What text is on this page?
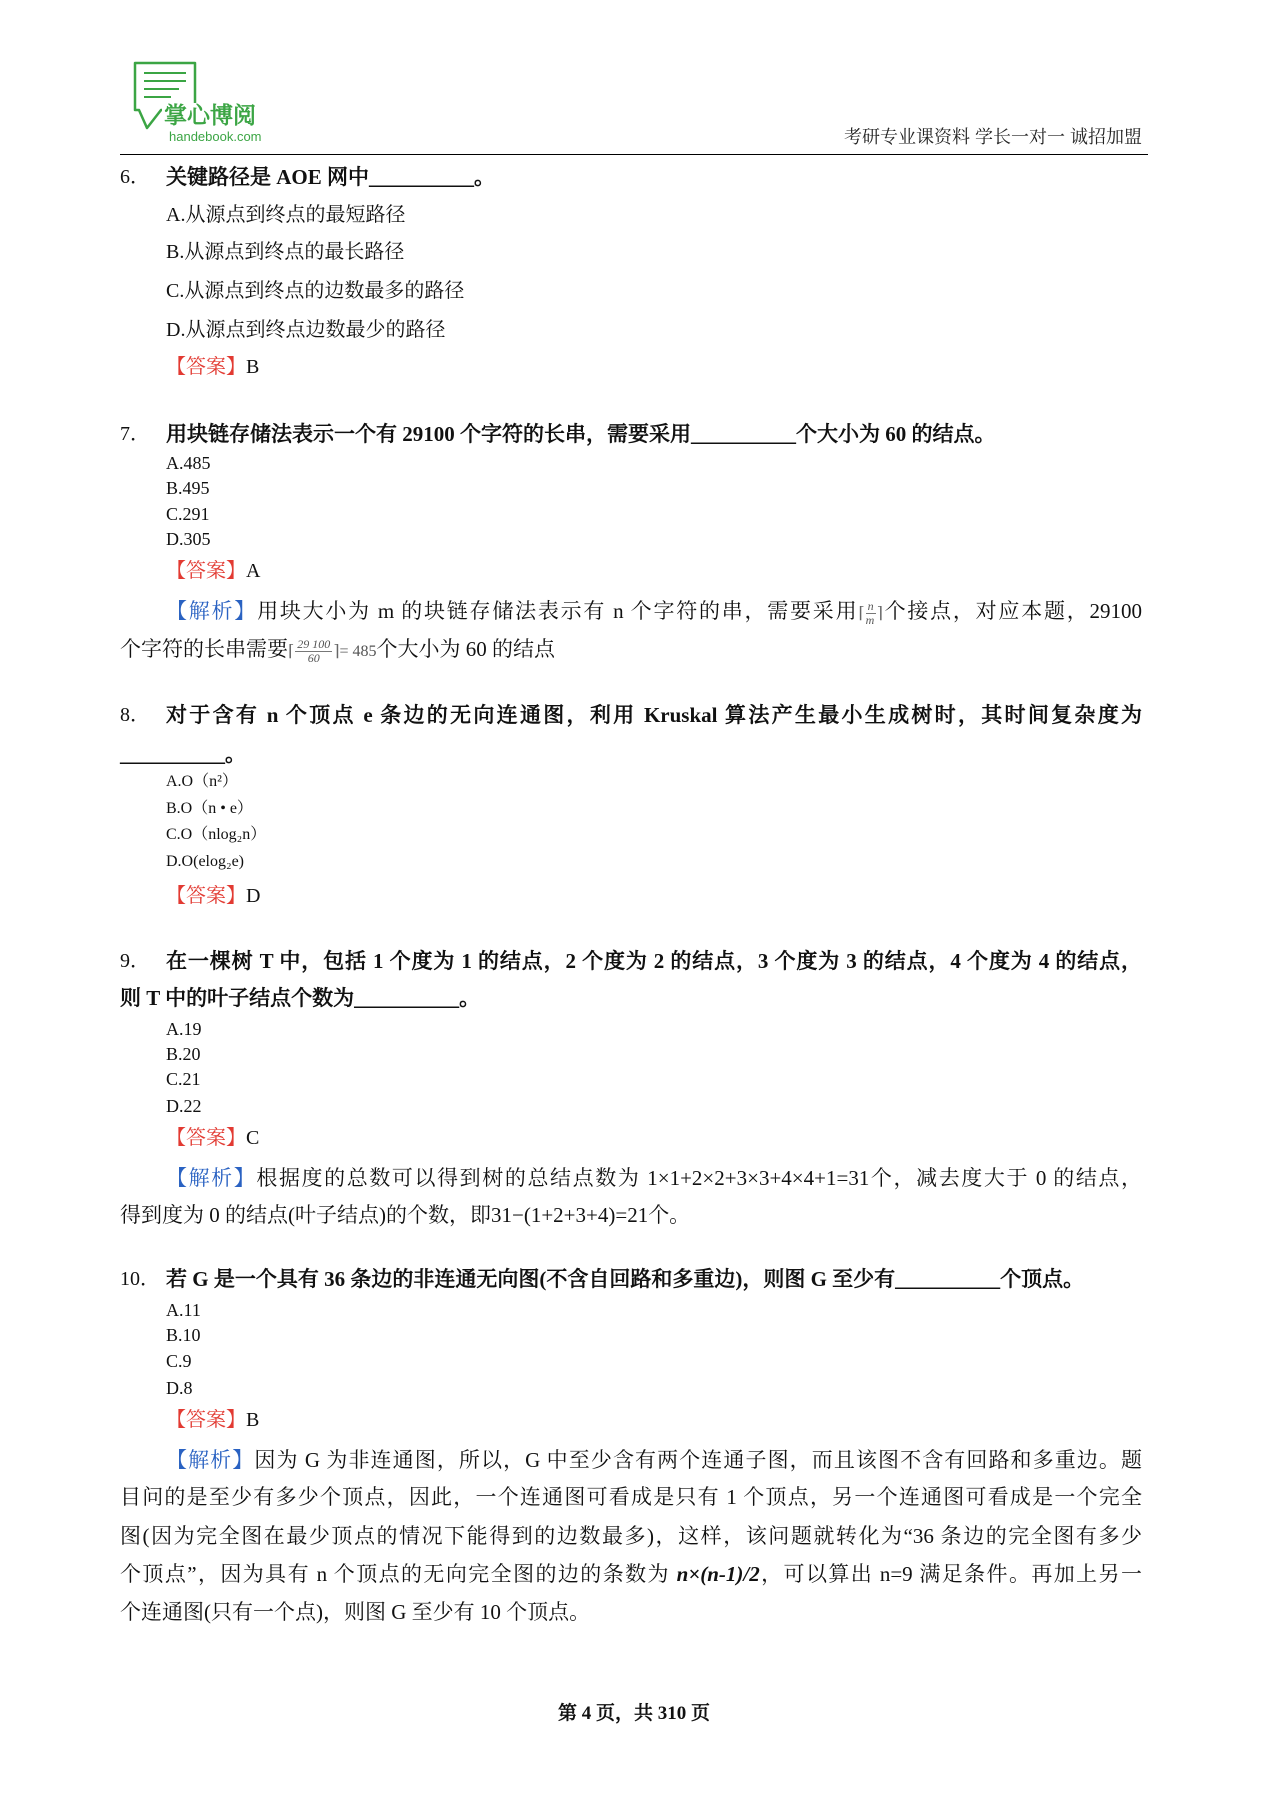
掌心博阅
handebook.com	考研专业课资料 学长一对一 诚招加盟
6． 关键路径是 AOE 网中__________。
A.从源点到终点的最短路径
B.从源点到终点的最长路径
C.从源点到终点的边数最多的路径
D.从源点到终点边数最少的路径
【答案】B
7． 用块链存储法表示一个有 29100 个字符的长串，需要采用__________个大小为 60 的结点。
A.485
B.495
C.291
D.305
【答案】A
【解析】用块大小为 m 的块链存储法表示有 n 个字符的串，需要采用⌈ $\frac{n}{m}$ ⌉个接点，对应本题，29100
个字符的长串需要⌈ $\frac{29 100}{60}$ ⌉= 485个大小为 60 的结点
8． 对于含有 n 个顶点 e 条边的无向连通图，利用 Kruskal 算法产生最小生成树时，其时间复杂度为
__________。
A.O（n²）
B.O（n • e）
C.O（nlog₂n）
D.O(elog₂e)
【答案】D
9． 在一棵树 T 中，包括 1 个度为 1 的结点，2 个度为 2 的结点，3 个度为 3 的结点，4 个度为 4 的结点，
则 T 中的叶子结点个数为__________。
A.19
B.20
C.21
D.22
【答案】C
【解析】根据度的总数可以得到树的总结点数为 1×1+2×2+3×3+4×4+1=31个，减去度大于 0 的结点，
得到度为 0 的结点(叶子结点)的个数，即31−(1+2+3+4)=21个。
10． 若 G 是一个具有 36 条边的非连通无向图(不含自回路和多重边)，则图 G 至少有__________个顶点。
A.11
B.10
C.9
D.8
【答案】B
【解析】因为 G 为非连通图，所以，G 中至少含有两个连通子图，而且该图不含有回路和多重边。题
目问的是至少有多少个顶点，因此，一个连通图可看成是只有 1 个顶点，另一个连通图可看成是一个完全
图(因为完全图在最少顶点的情况下能得到的边数最多)，这样，该问题就转化为“36 条边的完全图有多少
个顶点”，因为具有 n 个顶点的无向完全图的边的条数为 n×(n-1)/2，可以算出 n=9 满足条件。再加上另一
个连通图(只有一个点)，则图 G 至少有 10 个顶点。
第 4 页，共 310 页
